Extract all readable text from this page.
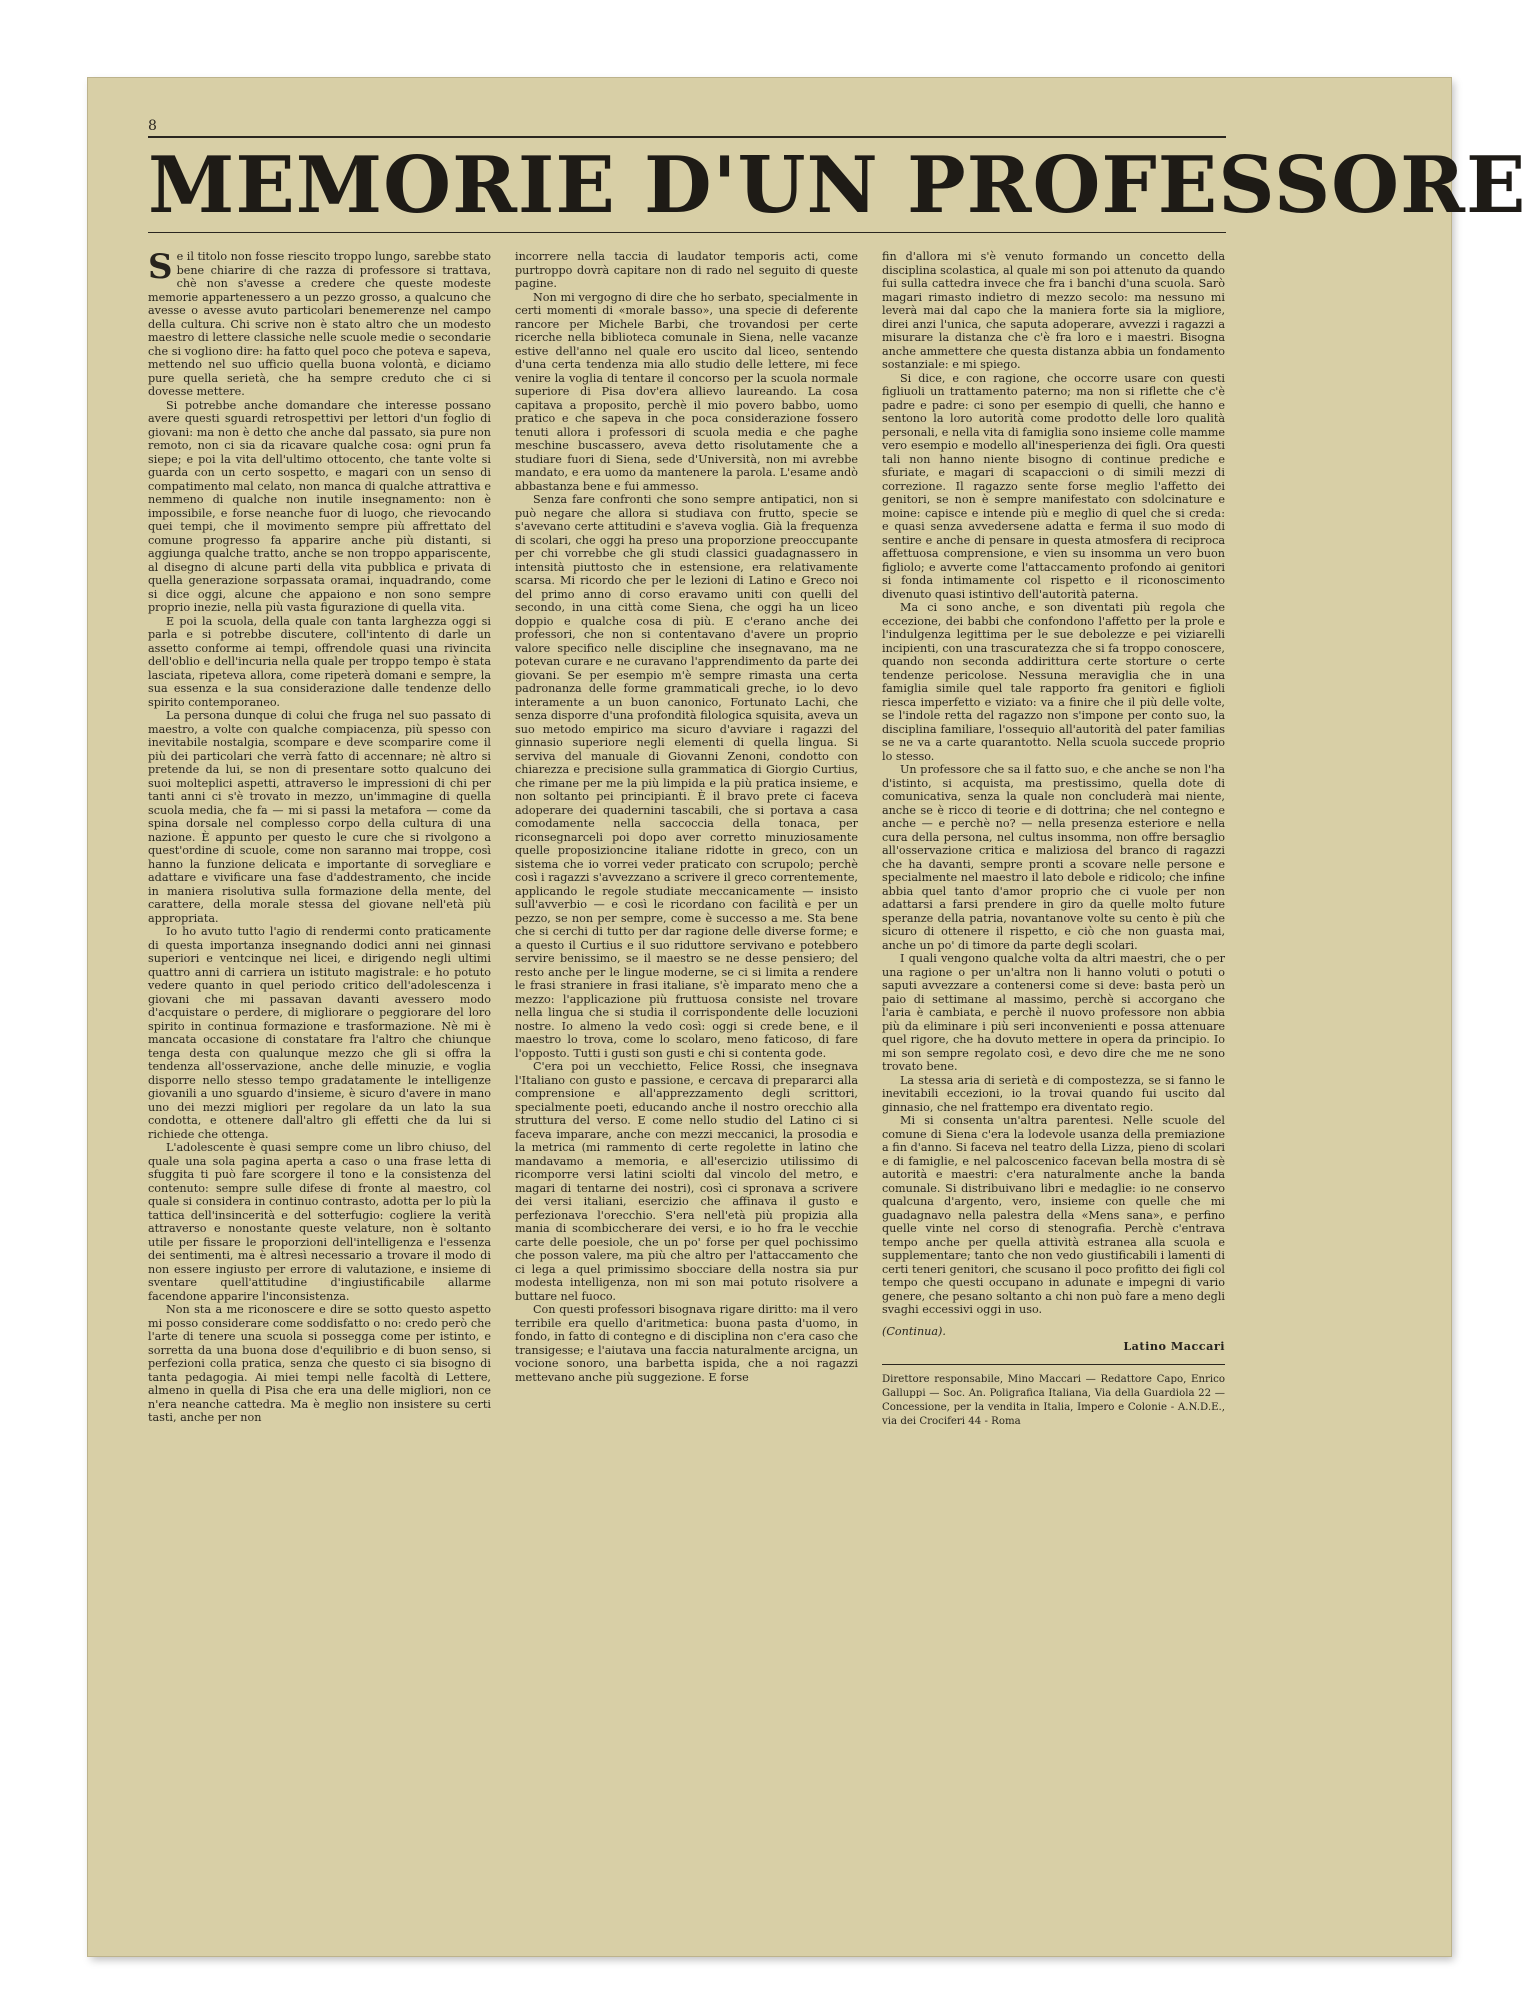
8
MEMORIE D'UN PROFESSORE

Se il titolo non fosse riescito troppo lungo, sarebbe stato bene chiarire di che razza di professore si trattava, chè non s'avesse a credere che queste modeste memorie appartenessero a un pezzo grosso, a qualcuno che avesse o avesse avuto particolari benemerenze nel campo della cultura. Chi scrive non è stato altro che un modesto maestro di lettere classiche nelle scuole medie o secondarie che si vogliono dire: ha fatto quel poco che poteva e sapeva, mettendo nel suo ufficio quella buona volontà, e diciamo pure quella serietà, che ha sempre creduto che ci si dovesse mettere.

Si potrebbe anche domandare che interesse possano avere questi sguardi retrospettivi per lettori d'un foglio di giovani: ma non è detto che anche dal passato, sia pure non remoto, non ci sia da ricavare qualche cosa: ogni prun fa siepe; e poi la vita dell'ultimo ottocento, che tante volte si guarda con un certo sospetto, e magari con un senso di compatimento mal celato, non manca di qualche attrattiva e nemmeno di qualche non inutile insegnamento: non è impossibile, e forse neanche fuor di luogo, che rievocando quei tempi, che il movimento sempre più affrettato del comune progresso fa apparire anche più distanti, si aggiunga qualche tratto, anche se non troppo appariscente, al disegno di alcune parti della vita pubblica e privata di quella generazione sorpassata oramai, inquadrando, come si dice oggi, alcune che appaiono e non sono sempre proprio inezie, nella più vasta figurazione di quella vita.

E poi la scuola, della quale con tanta larghezza oggi si parla e si potrebbe discutere, coll'intento di darle un assetto conforme ai tempi, offrendole quasi una rivincita dell'oblio e dell'incuria nella quale per troppo tempo è stata lasciata, ripeteva allora, come ripeterà domani e sempre, la sua essenza e la sua considerazione dalle tendenze dello spirito contemporaneo.

La persona dunque di colui che fruga nel suo passato di maestro, a volte con qualche compiacenza, più spesso con inevitabile nostalgia, scompare e deve scomparire come il più dei particolari che verrà fatto di accennare; nè altro si pretende da lui, se non di presentare sotto qualcuno dei suoi molteplici aspetti, attraverso le impressioni di chi per tanti anni ci s'è trovato in mezzo, un'immagine di quella scuola media, che fa — mi si passi la metafora — come da spina dorsale nel complesso corpo della cultura di una nazione. È appunto per questo le cure che si rivolgono a quest'ordine di scuole, come non saranno mai troppe, così hanno la funzione delicata e importante di sorvegliare e adattare e vivificare una fase d'addestramento, che incide in maniera risolutiva sulla formazione della mente, del carattere, della morale stessa del giovane nell'età più appropriata.

Io ho avuto tutto l'agio di rendermi conto praticamente di questa importanza insegnando dodici anni nei ginnasi superiori e ventcinque nei licei, e dirigendo negli ultimi quattro anni di carriera un istituto magistrale: e ho potuto vedere quanto in quel periodo critico dell'adolescenza i giovani che mi passavan davanti avessero modo d'acquistare o perdere, di migliorare o peggiorare del loro spirito in continua formazione e trasformazione. Nè mi è mancata occasione di constatare fra l'altro che chiunque tenga desta con qualunque mezzo che gli si offra la tendenza all'osservazione, anche delle minuzie, e voglia disporre nello stesso tempo gradatamente le intelligenze giovanili a uno sguardo d'insieme, è sicuro d'avere in mano uno dei mezzi migliori per regolare da un lato la sua condotta, e ottenere dall'altro gli effetti che da lui si richiede che ottenga.

L'adolescente è quasi sempre come un libro chiuso, del quale una sola pagina aperta a caso o una frase letta di sfuggita ti può fare scorgere il tono e la consistenza del contenuto: sempre sulle difese di fronte al maestro, col quale si considera in continuo contrasto, adotta per lo più la tattica dell'insincerità e del sotterfugio: cogliere la verità attraverso e nonostante queste velature, non è soltanto utile per fissare le proporzioni dell'intelligenza e l'essenza dei sentimenti, ma è altresì necessario a trovare il modo di non essere ingiusto per errore di valutazione, e insieme di sventare quell'attitudine d'ingiustificabile allarme facendone apparire l'inconsistenza.

Non sta a me riconoscere e dire se sotto questo aspetto mi posso considerare come soddisfatto o no: credo però che l'arte di tenere una scuola si possegga come per istinto, e sorretta da una buona dose d'equilibrio e di buon senso, si perfezioni colla pratica, senza che questo ci sia bisogno di tanta pedagogia. Ai miei tempi nelle facoltà di Lettere, almeno in quella di Pisa che era una delle migliori, non ce n'era neanche cattedra. Ma è meglio non insistere su certi tasti, anche per non

incorrere nella taccia di laudator temporis acti, come purtroppo dovrà capitare non di rado nel seguito di queste pagine.

Non mi vergogno di dire che ho serbato, specialmente in certi momenti di «morale basso», una specie di deferente rancore per Michele Barbi, che trovandosi per certe ricerche nella biblioteca comunale in Siena, nelle vacanze estive dell'anno nel quale ero uscito dal liceo, sentendo d'una certa tendenza mia allo studio delle lettere, mi fece venire la voglia di tentare il concorso per la scuola normale superiore di Pisa dov'era allievo laureando. La cosa capitava a proposito, perchè il mio povero babbo, uomo pratico e che sapeva in che poca considerazione fossero tenuti allora i professori di scuola media e che paghe meschine buscassero, aveva detto risolutamente che a studiare fuori di Siena, sede d'Università, non mi avrebbe mandato, e era uomo da mantenere la parola. L'esame andò abbastanza bene e fui ammesso.

Senza fare confronti che sono sempre antipatici, non si può negare che allora si studiava con frutto, specie se s'avevano certe attitudini e s'aveva voglia. Già la frequenza di scolari, che oggi ha preso una proporzione preoccupante per chi vorrebbe che gli studi classici guadagnassero in intensità piuttosto che in estensione, era relativamente scarsa. Mi ricordo che per le lezioni di Latino e Greco noi del primo anno di corso eravamo uniti con quelli del secondo, in una città come Siena, che oggi ha un liceo doppio e qualche cosa di più. E c'erano anche dei professori, che non si contentavano d'avere un proprio valore specifico nelle discipline che insegnavano, ma ne potevan curare e ne curavano l'apprendimento da parte dei giovani. Se per esempio m'è sempre rimasta una certa padronanza delle forme grammaticali greche, io lo devo interamente a un buon canonico, Fortunato Lachi, che senza disporre d'una profondità filologica squisita, aveva un suo metodo empirico ma sicuro d'avviare i ragazzi del ginnasio superiore negli elementi di quella lingua. Si serviva del manuale di Giovanni Zenoni, condotto con chiarezza e precisione sulla grammatica di Giorgio Curtius, che rimane per me la più limpida e la più pratica insieme, e non soltanto pei principianti. È il bravo prete ci faceva adoperare dei quadernini tascabili, che si portava a casa comodamente nella saccoccia della tonaca, per riconsegnarceli poi dopo aver corretto minuziosamente quelle proposizioncine italiane ridotte in greco, con un sistema che io vorrei veder praticato con scrupolo; perchè così i ragazzi s'avvezzano a scrivere il greco correntemente, applicando le regole studiate meccanicamente — insisto sull'avverbio — e così le ricordano con facilità e per un pezzo, se non per sempre, come è successo a me. Sta bene che si cerchi di tutto per dar ragione delle diverse forme; e a questo il Curtius e il suo riduttore servivano e potebbero servire benissimo, se il maestro se ne desse pensiero; del resto anche per le lingue moderne, se ci si limita a rendere le frasi straniere in frasi italiane, s'è imparato meno che a mezzo: l'applicazione più fruttuosa consiste nel trovare nella lingua che si studia il corrispondente delle locuzioni nostre. Io almeno la vedo così: oggi si crede bene, e il maestro lo trova, come lo scolaro, meno faticoso, di fare l'opposto. Tutti i gusti son gusti e chi si contenta gode.

C'era poi un vecchietto, Felice Rossi, che insegnava l'Italiano con gusto e passione, e cercava di prepararci alla comprensione e all'apprezzamento degli scrittori, specialmente poeti, educando anche il nostro orecchio alla struttura del verso. E come nello studio del Latino ci si faceva imparare, anche con mezzi meccanici, la prosodia e la metrica (mi rammento di certe regolette in latino che mandavamo a memoria, e all'esercizio utilissimo di ricomporre versi latini sciolti dal vincolo del metro, e magari di tentarne dei nostri), così ci spronava a scrivere dei versi italiani, esercizio che affinava il gusto e perfezionava l'orecchio. S'era nell'età più propizia alla mania di scombiccherare dei versi, e io ho fra le vecchie carte delle poesiole, che un po' forse per quel pochissimo che posson valere, ma più che altro per l'attaccamento che ci lega a quel primissimo sbocciare della nostra sia pur modesta intelligenza, non mi son mai potuto risolvere a buttare nel fuoco.

Con questi professori bisognava rigare diritto: ma il vero terribile era quello d'aritmetica: buona pasta d'uomo, in fondo, in fatto di contegno e di disciplina non c'era caso che transigesse; e l'aiutava una faccia naturalmente arcigna, un vocione sonoro, una barbetta ispida, che a noi ragazzi mettevano anche più suggezione. E forse

fin d'allora mi s'è venuto formando un concetto della disciplina scolastica, al quale mi son poi attenuto da quando fui sulla cattedra invece che fra i banchi d'una scuola. Sarò magari rimasto indietro di mezzo secolo: ma nessuno mi leverà mai dal capo che la maniera forte sia la migliore, direi anzi l'unica, che saputa adoperare, avvezzi i ragazzi a misurare la distanza che c'è fra loro e i maestri. Bisogna anche ammettere che questa distanza abbia un fondamento sostanziale: e mi spiego.

Si dice, e con ragione, che occorre usare con questi figliuoli un trattamento paterno; ma non si riflette che c'è padre e padre: ci sono per esempio di quelli, che hanno e sentono la loro autorità come prodotto delle loro qualità personali, e nella vita di famiglia sono insieme colle mamme vero esempio e modello all'inesperienza dei figli. Ora questi tali non hanno niente bisogno di continue prediche e sfuriate, e magari di scapaccioni o di simili mezzi di correzione. Il ragazzo sente forse meglio l'affetto dei genitori, se non è sempre manifestato con sdolcinature e moine: capisce e intende più e meglio di quel che si creda: e quasi senza avvedersene adatta e ferma il suo modo di sentire e anche di pensare in questa atmosfera di reciproca affettuosa comprensione, e vien su insomma un vero buon figliolo; e avverte come l'attaccamento profondo ai genitori si fonda intimamente col rispetto e il riconoscimento divenuto quasi istintivo dell'autorità paterna.

Ma ci sono anche, e son diventati più regola che eccezione, dei babbi che confondono l'affetto per la prole e l'indulgenza legittima per le sue debolezze e pei viziarelli incipienti, con una trascuratezza che si fa troppo conoscere, quando non seconda addirittura certe storture o certe tendenze pericolose. Nessuna meraviglia che in una famiglia simile quel tale rapporto fra genitori e figlioli riesca imperfetto e viziato: va a finire che il più delle volte, se l'indole retta del ragazzo non s'impone per conto suo, la disciplina familiare, l'ossequio all'autorità del pater familias se ne va a carte quarantotto. Nella scuola succede proprio lo stesso.

Un professore che sa il fatto suo, e che anche se non l'ha d'istinto, si acquista, ma prestissimo, quella dote di comunicativa, senza la quale non concluderà mai niente, anche se è ricco di teorie e di dottrina; che nel contegno e anche — e perchè no? — nella presenza esteriore e nella cura della persona, nel cultus insomma, non offre bersaglio all'osservazione critica e maliziosa del branco di ragazzi che ha davanti, sempre pronti a scovare nelle persone e specialmente nel maestro il lato debole e ridicolo; che infine abbia quel tanto d'amor proprio che ci vuole per non adattarsi a farsi prendere in giro da quelle molto future speranze della patria, novantanove volte su cento è più che sicuro di ottenere il rispetto, e ciò che non guasta mai, anche un po' di timore da parte degli scolari.

I quali vengono qualche volta da altri maestri, che o per una ragione o per un'altra non li hanno voluti o potuti o saputi avvezzare a contenersi come si deve: basta però un paio di settimane al massimo, perchè si accorgano che l'aria è cambiata, e perchè il nuovo professore non abbia più da eliminare i più seri inconvenienti e possa attenuare quel rigore, che ha dovuto mettere in opera da principio. Io mi son sempre regolato così, e devo dire che me ne sono trovato bene.

La stessa aria di serietà e di compostezza, se si fanno le inevitabili eccezioni, io la trovai quando fui uscito dal ginnasio, che nel frattempo era diventato regio.

Mi si consenta un'altra parentesi. Nelle scuole del comune di Siena c'era la lodevole usanza della premiazione a fin d'anno. Si faceva nel teatro della Lizza, pieno di scolari e di famiglie, e nel palcoscenico facevan bella mostra di sè autorità e maestri: c'era naturalmente anche la banda comunale. Si distribuivano libri e medaglie: io ne conservo qualcuna d'argento, vero, insieme con quelle che mi guadagnavo nella palestra della «Mens sana», e perfino quelle vinte nel corso di stenografia. Perchè c'entrava tempo anche per quella attività estranea alla scuola e supplementare; tanto che non vedo giustificabili i lamenti di certi teneri genitori, che scusano il poco profitto dei figli col tempo che questi occupano in adunate e impegni di vario genere, che pesano soltanto a chi non può fare a meno degli svaghi eccessivi oggi in uso.

(Continua).
Latino Maccari
Direttore responsabile, Mino Maccari — Redattore Capo, Enrico Galluppi — Soc. An. Poligrafica Italiana, Via della Guardiola 22 — Concessione, per la vendita in Italia, Impero e Colonie - A.N.D.E., via dei Crociferi 44 - Roma
